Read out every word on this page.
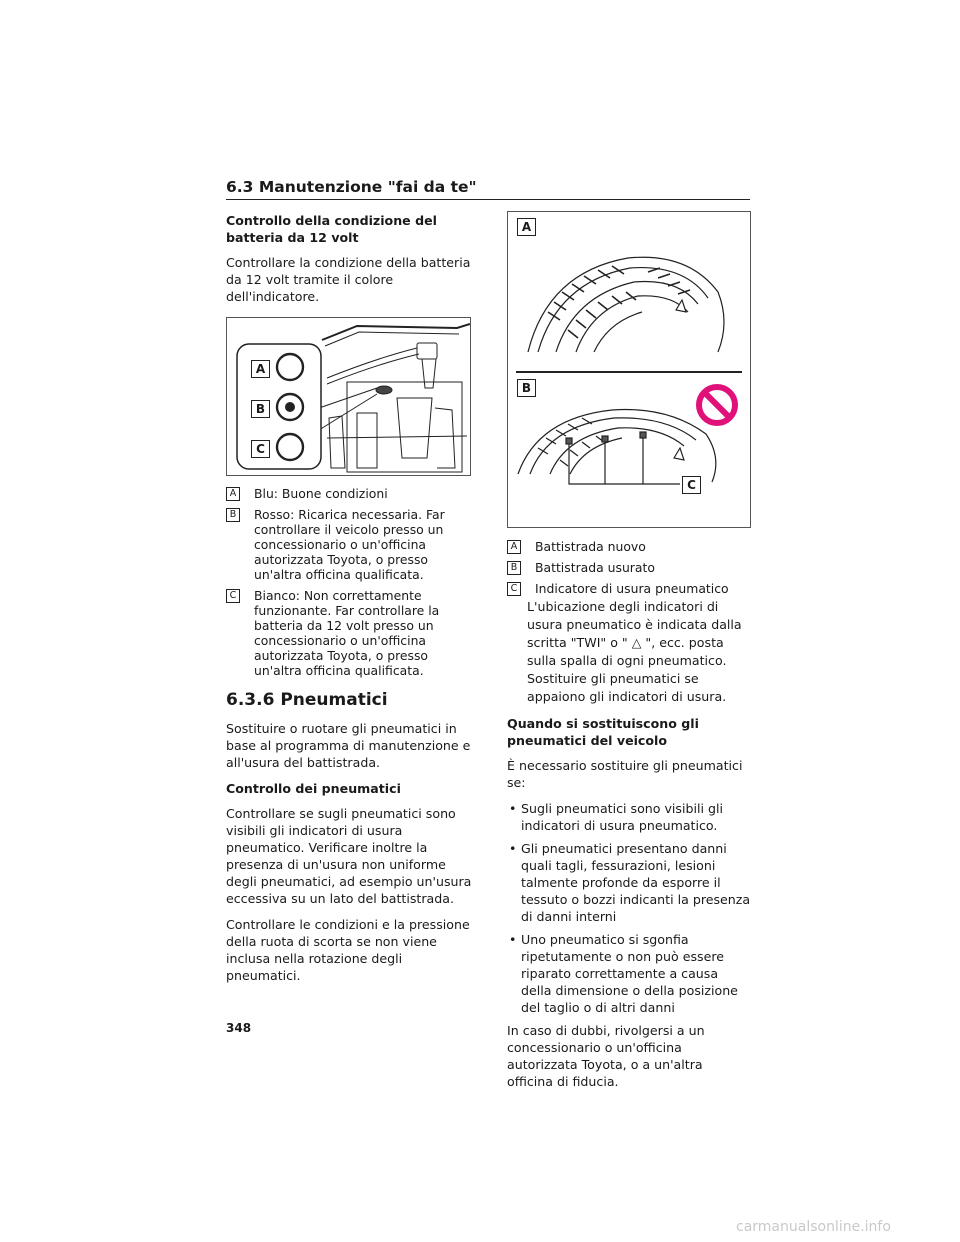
6.3 Manutenzione "fai da te"
Controllo della condizione del batteria da 12 volt
Controllare la condizione della batteria da 12 volt tramite il colore dell'indicatore.
A
B
C
A	Blu: Buone condizioni
B	Rosso: Ricarica necessaria. Far controllare il veicolo presso un concessionario o un'officina autorizzata Toyota, o presso un'altra officina qualificata.
C Bianco: Non correttamente funzionante. Far controllare la batteria da 12 volt presso un concessionario o un'officina autorizzata Toyota, o presso un'altra officina qualificata.
6.3.6 Pneumatici
Sostituire o ruotare gli pneumatici in base al programma di manutenzione e all'usura del battistrada.
Controllo dei pneumatici
Controllare se sugli pneumatici sono visibili gli indicatori di usura pneumatico. Verificare inoltre la presenza di un'usura non uniforme degli pneumatici, ad esempio un'usura eccessiva su un lato del battistrada.
Controllare le condizioni e la pressione della ruota di scorta se non viene inclusa nella rotazione degli pneumatici.
A
B
C
A	Battistrada nuovo
B	Battistrada usurato
C Indicatore di usura pneumatico
L'ubicazione degli indicatori di usura pneumatico è indicata dalla scritta "TWI" o " △ ", ecc. posta sulla spalla di ogni pneumatico. Sostituire gli pneumatici se appaiono gli indicatori di usura.
Quando si sostituiscono gli pneumatici del veicolo
È necessario sostituire gli pneumatici se:
• Sugli pneumatici sono visibili gli indicatori di usura pneumatico.
• Gli pneumatici presentano danni quali tagli, fessurazioni, lesioni talmente profonde da esporre il tessuto o bozzi indicanti la presenza di danni interni
• Uno pneumatico si sgonfia ripetutamente o non può essere riparato correttamente a causa della dimensione o della posizione del taglio o di altri danni
In caso di dubbi, rivolgersi a un concessionario o un'officina autorizzata Toyota, o a un'altra officina di fiducia.
348
carmanualsonline.info
